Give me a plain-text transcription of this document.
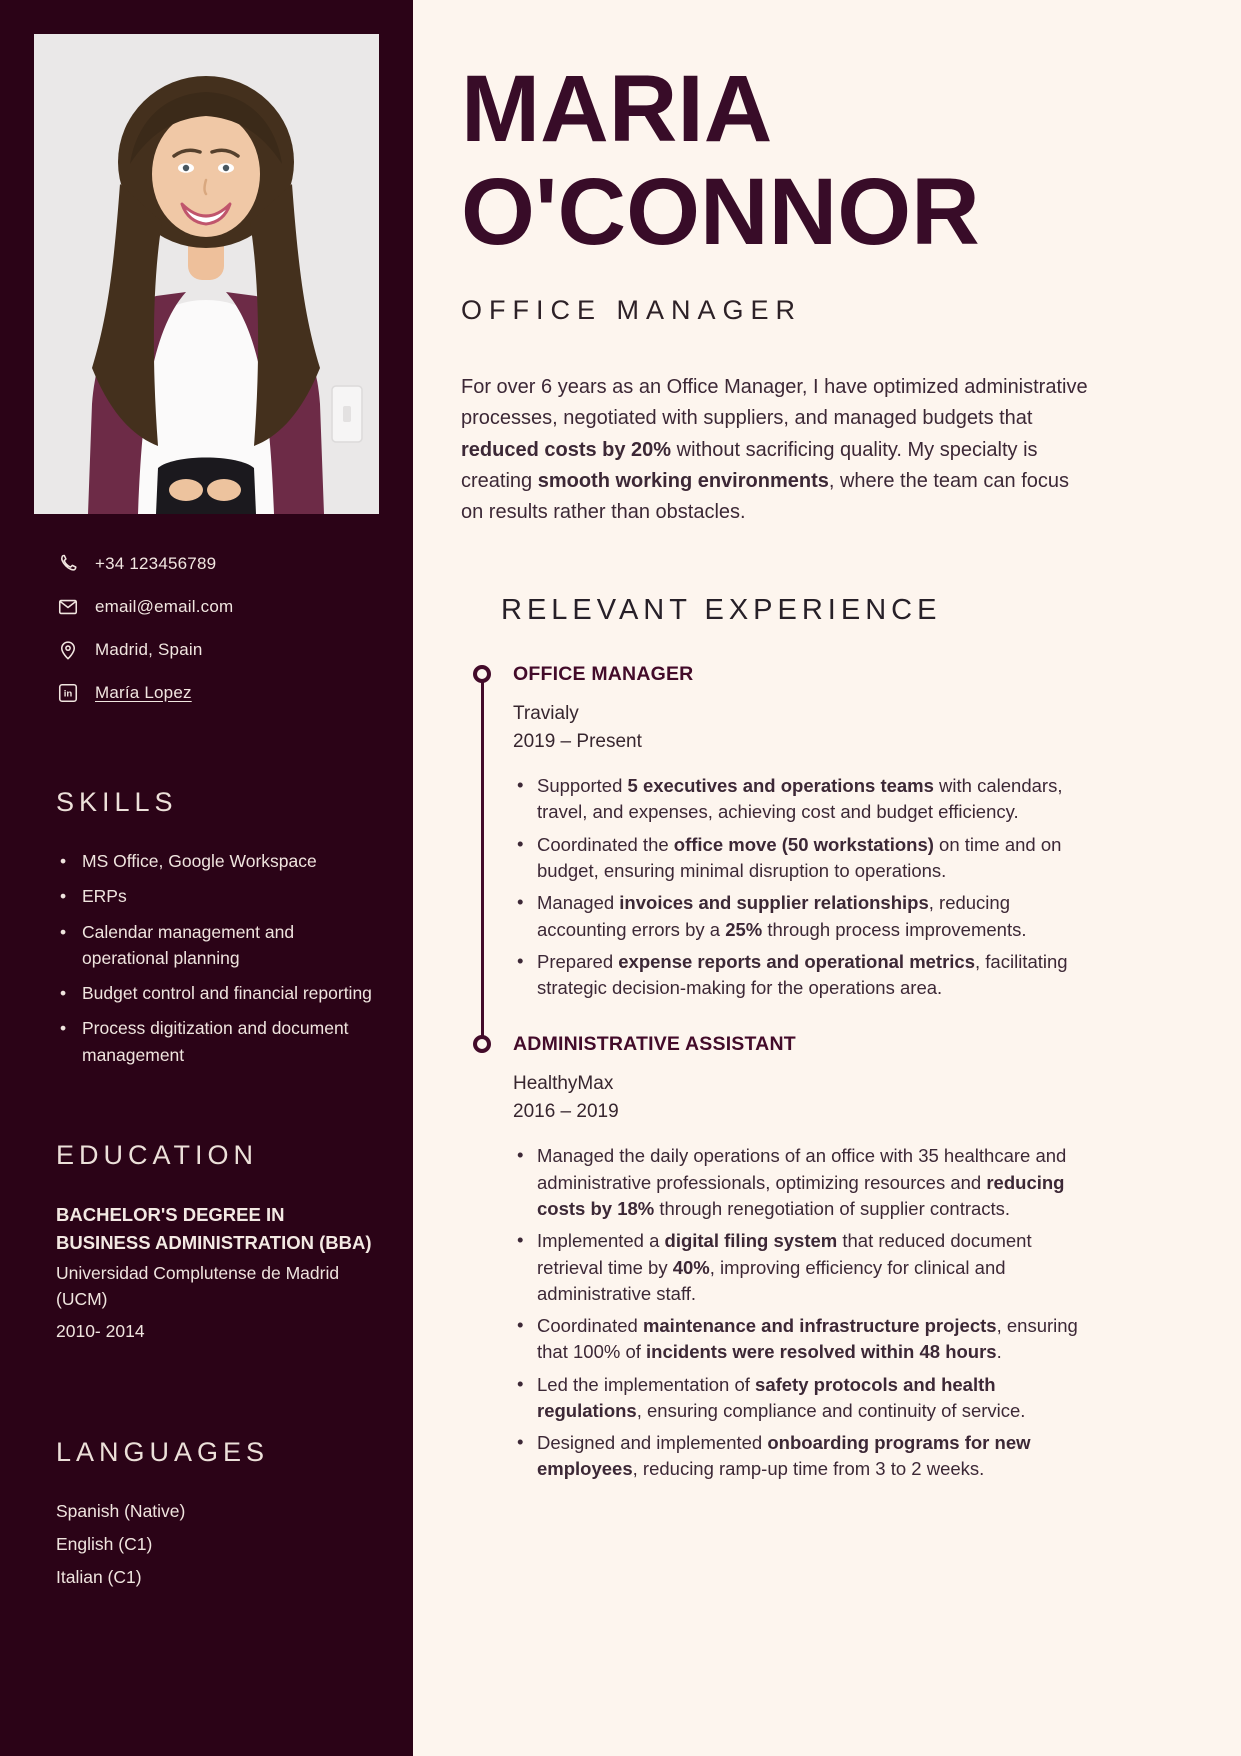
+34 123456789
email@email.com
Madrid, Spain
in María Lopez
SKILLS
• MS Office, Google Workspace
• ERPs
• Calendar management and operational planning
• Budget control and financial reporting
• Process digitization and document management
EDUCATION

BACHELOR'S DEGREE IN BUSINESS ADMINISTRATION (BBA)

Universidad Complutense de Madrid (UCM)

2010- 2014

LANGUAGES
Spanish (Native)
English (C1)
Italian (C1)
MARIA
O'CONNOR
OFFICE MANAGER

For over 6 years as an Office Manager, I have optimized administrative processes, negotiated with suppliers, and managed budgets that reduced costs by 20% without sacrificing quality. My specialty is creating smooth working environments, where the team can focus on results rather than obstacles.

RELEVANT EXPERIENCE
OFFICE MANAGER

Travialy

2019 – Present

• Supported 5 executives and operations teams with calendars, travel, and expenses, achieving cost and budget efficiency.
• Coordinated the office move (50 workstations) on time and on budget, ensuring minimal disruption to operations.
• Managed invoices and supplier relationships, reducing accounting errors by a 25% through process improvements.
• Prepared expense reports and operational metrics, facilitating strategic decision-making for the operations area.
ADMINISTRATIVE ASSISTANT

HealthyMax

2016 – 2019

• Managed the daily operations of an office with 35 healthcare and administrative professionals, optimizing resources and reducing costs by 18% through renegotiation of supplier contracts.
• Implemented a digital filing system that reduced document retrieval time by 40%, improving efficiency for clinical and administrative staff.
• Coordinated maintenance and infrastructure projects, ensuring that 100% of incidents were resolved within 48 hours.
• Led the implementation of safety protocols and health regulations, ensuring compliance and continuity of service.
• Designed and implemented onboarding programs for new employees, reducing ramp-up time from 3 to 2 weeks.
